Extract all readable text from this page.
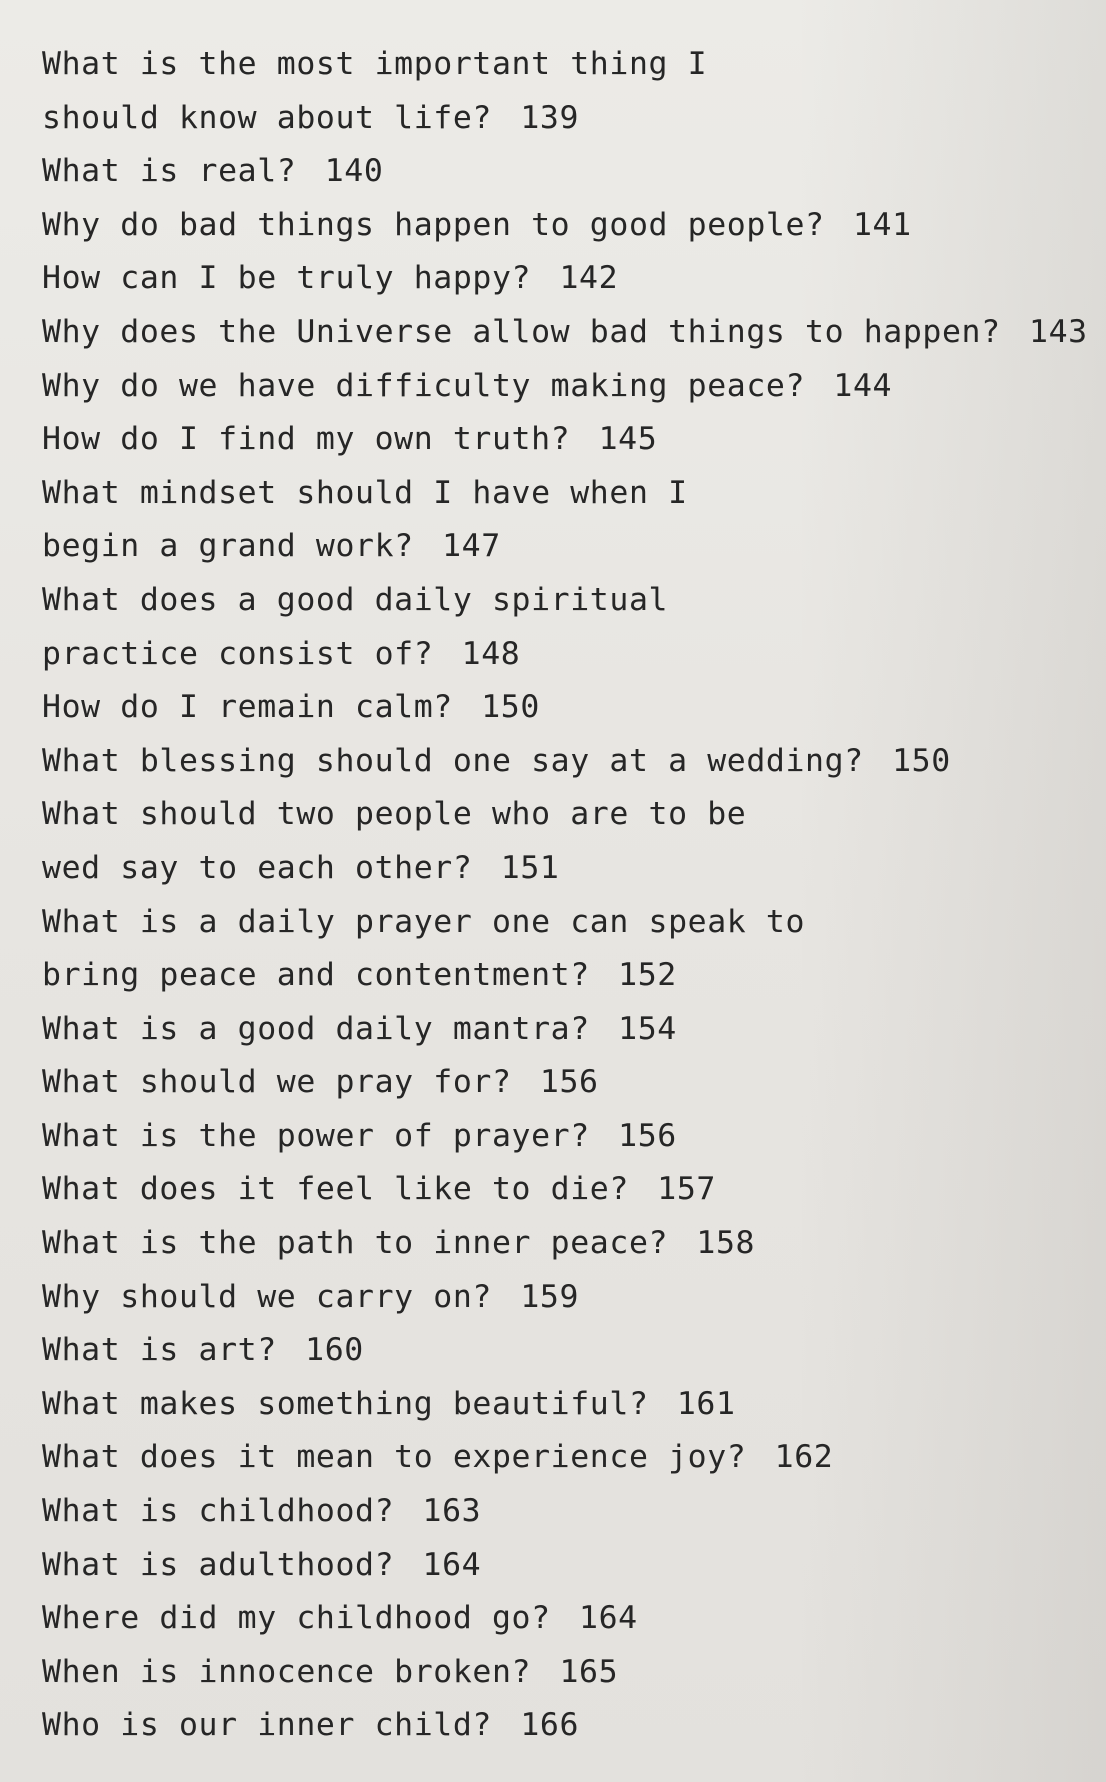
What is the most important thing I
should know about life? 139
What is real? 140
Why do bad things happen to good people? 141
How can I be truly happy? 142
Why does the Universe allow bad things to happen? 143
Why do we have difficulty making peace? 144
How do I find my own truth? 145
What mindset should I have when I
begin a grand work? 147
What does a good daily spiritual
practice consist of? 148
How do I remain calm? 150
What blessing should one say at a wedding? 150
What should two people who are to be
wed say to each other? 151
What is a daily prayer one can speak to
bring peace and contentment? 152
What is a good daily mantra? 154
What should we pray for? 156
What is the power of prayer? 156
What does it feel like to die? 157
What is the path to inner peace? 158
Why should we carry on? 159
What is art? 160
What makes something beautiful? 161
What does it mean to experience joy? 162
What is childhood? 163
What is adulthood? 164
Where did my childhood go? 164
When is innocence broken? 165
Who is our inner child? 166
